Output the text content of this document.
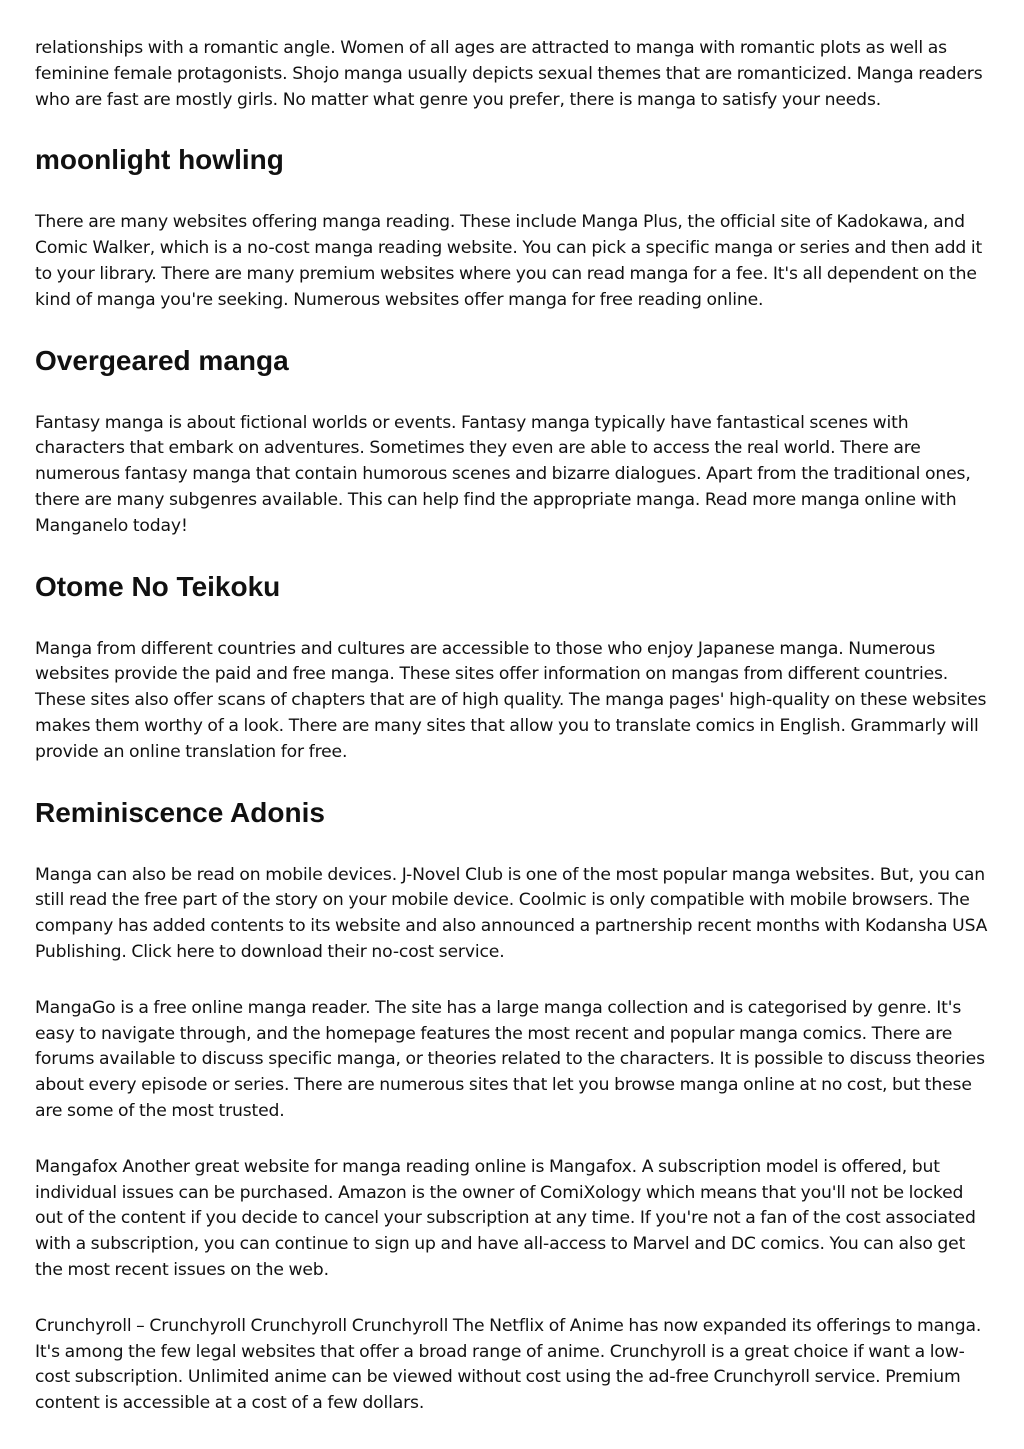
relationships with a romantic angle. Women of all ages are attracted to manga with romantic plots as well as feminine female protagonists. Shojo manga usually depicts sexual themes that are romanticized. Manga readers who are fast are mostly girls. No matter what genre you prefer, there is manga to satisfy your needs.

moonlight howling

There are many websites offering manga reading. These include Manga Plus, the official site of Kadokawa, and Comic Walker, which is a no-cost manga reading website. You can pick a specific manga or series and then add it to your library. There are many premium websites where you can read manga for a fee. It's all dependent on the kind of manga you're seeking. Numerous websites offer manga for free reading online.

Overgeared manga

Fantasy manga is about fictional worlds or events. Fantasy manga typically have fantastical scenes with characters that embark on adventures. Sometimes they even are able to access the real world. There are numerous fantasy manga that contain humorous scenes and bizarre dialogues. Apart from the traditional ones, there are many subgenres available. This can help find the appropriate manga. Read more manga online with Manganelo today!

Otome No Teikoku

Manga from different countries and cultures are accessible to those who enjoy Japanese manga. Numerous websites provide the paid and free manga. These sites offer information on mangas from different countries. These sites also offer scans of chapters that are of high quality. The manga pages' high-quality on these websites makes them worthy of a look. There are many sites that allow you to translate comics in English. Grammarly will provide an online translation for free.

Reminiscence Adonis

Manga can also be read on mobile devices. J-Novel Club is one of the most popular manga websites. But, you can still read the free part of the story on your mobile device. Coolmic is only compatible with mobile browsers. The company has added contents to its website and also announced a partnership recent months with Kodansha USA Publishing. Click here to download their no-cost service.

MangaGo is a free online manga reader. The site has a large manga collection and is categorised by genre. It's easy to navigate through, and the homepage features the most recent and popular manga comics. There are forums available to discuss specific manga, or theories related to the characters. It is possible to discuss theories about every episode or series. There are numerous sites that let you browse manga online at no cost, but these are some of the most trusted.

Mangafox Another great website for manga reading online is Mangafox. A subscription model is offered, but individual issues can be purchased. Amazon is the owner of ComiXology which means that you'll not be locked out of the content if you decide to cancel your subscription at any time. If you're not a fan of the cost associated with a subscription, you can continue to sign up and have all-access to Marvel and DC comics. You can also get the most recent issues on the web.

Crunchyroll – Crunchyroll Crunchyroll Crunchyroll The Netflix of Anime has now expanded its offerings to manga. It's among the few legal websites that offer a broad range of anime. Crunchyroll is a great choice if want a low-cost subscription. Unlimited anime can be viewed without cost using the ad-free Crunchyroll service. Premium content is accessible at a cost of a few dollars.
